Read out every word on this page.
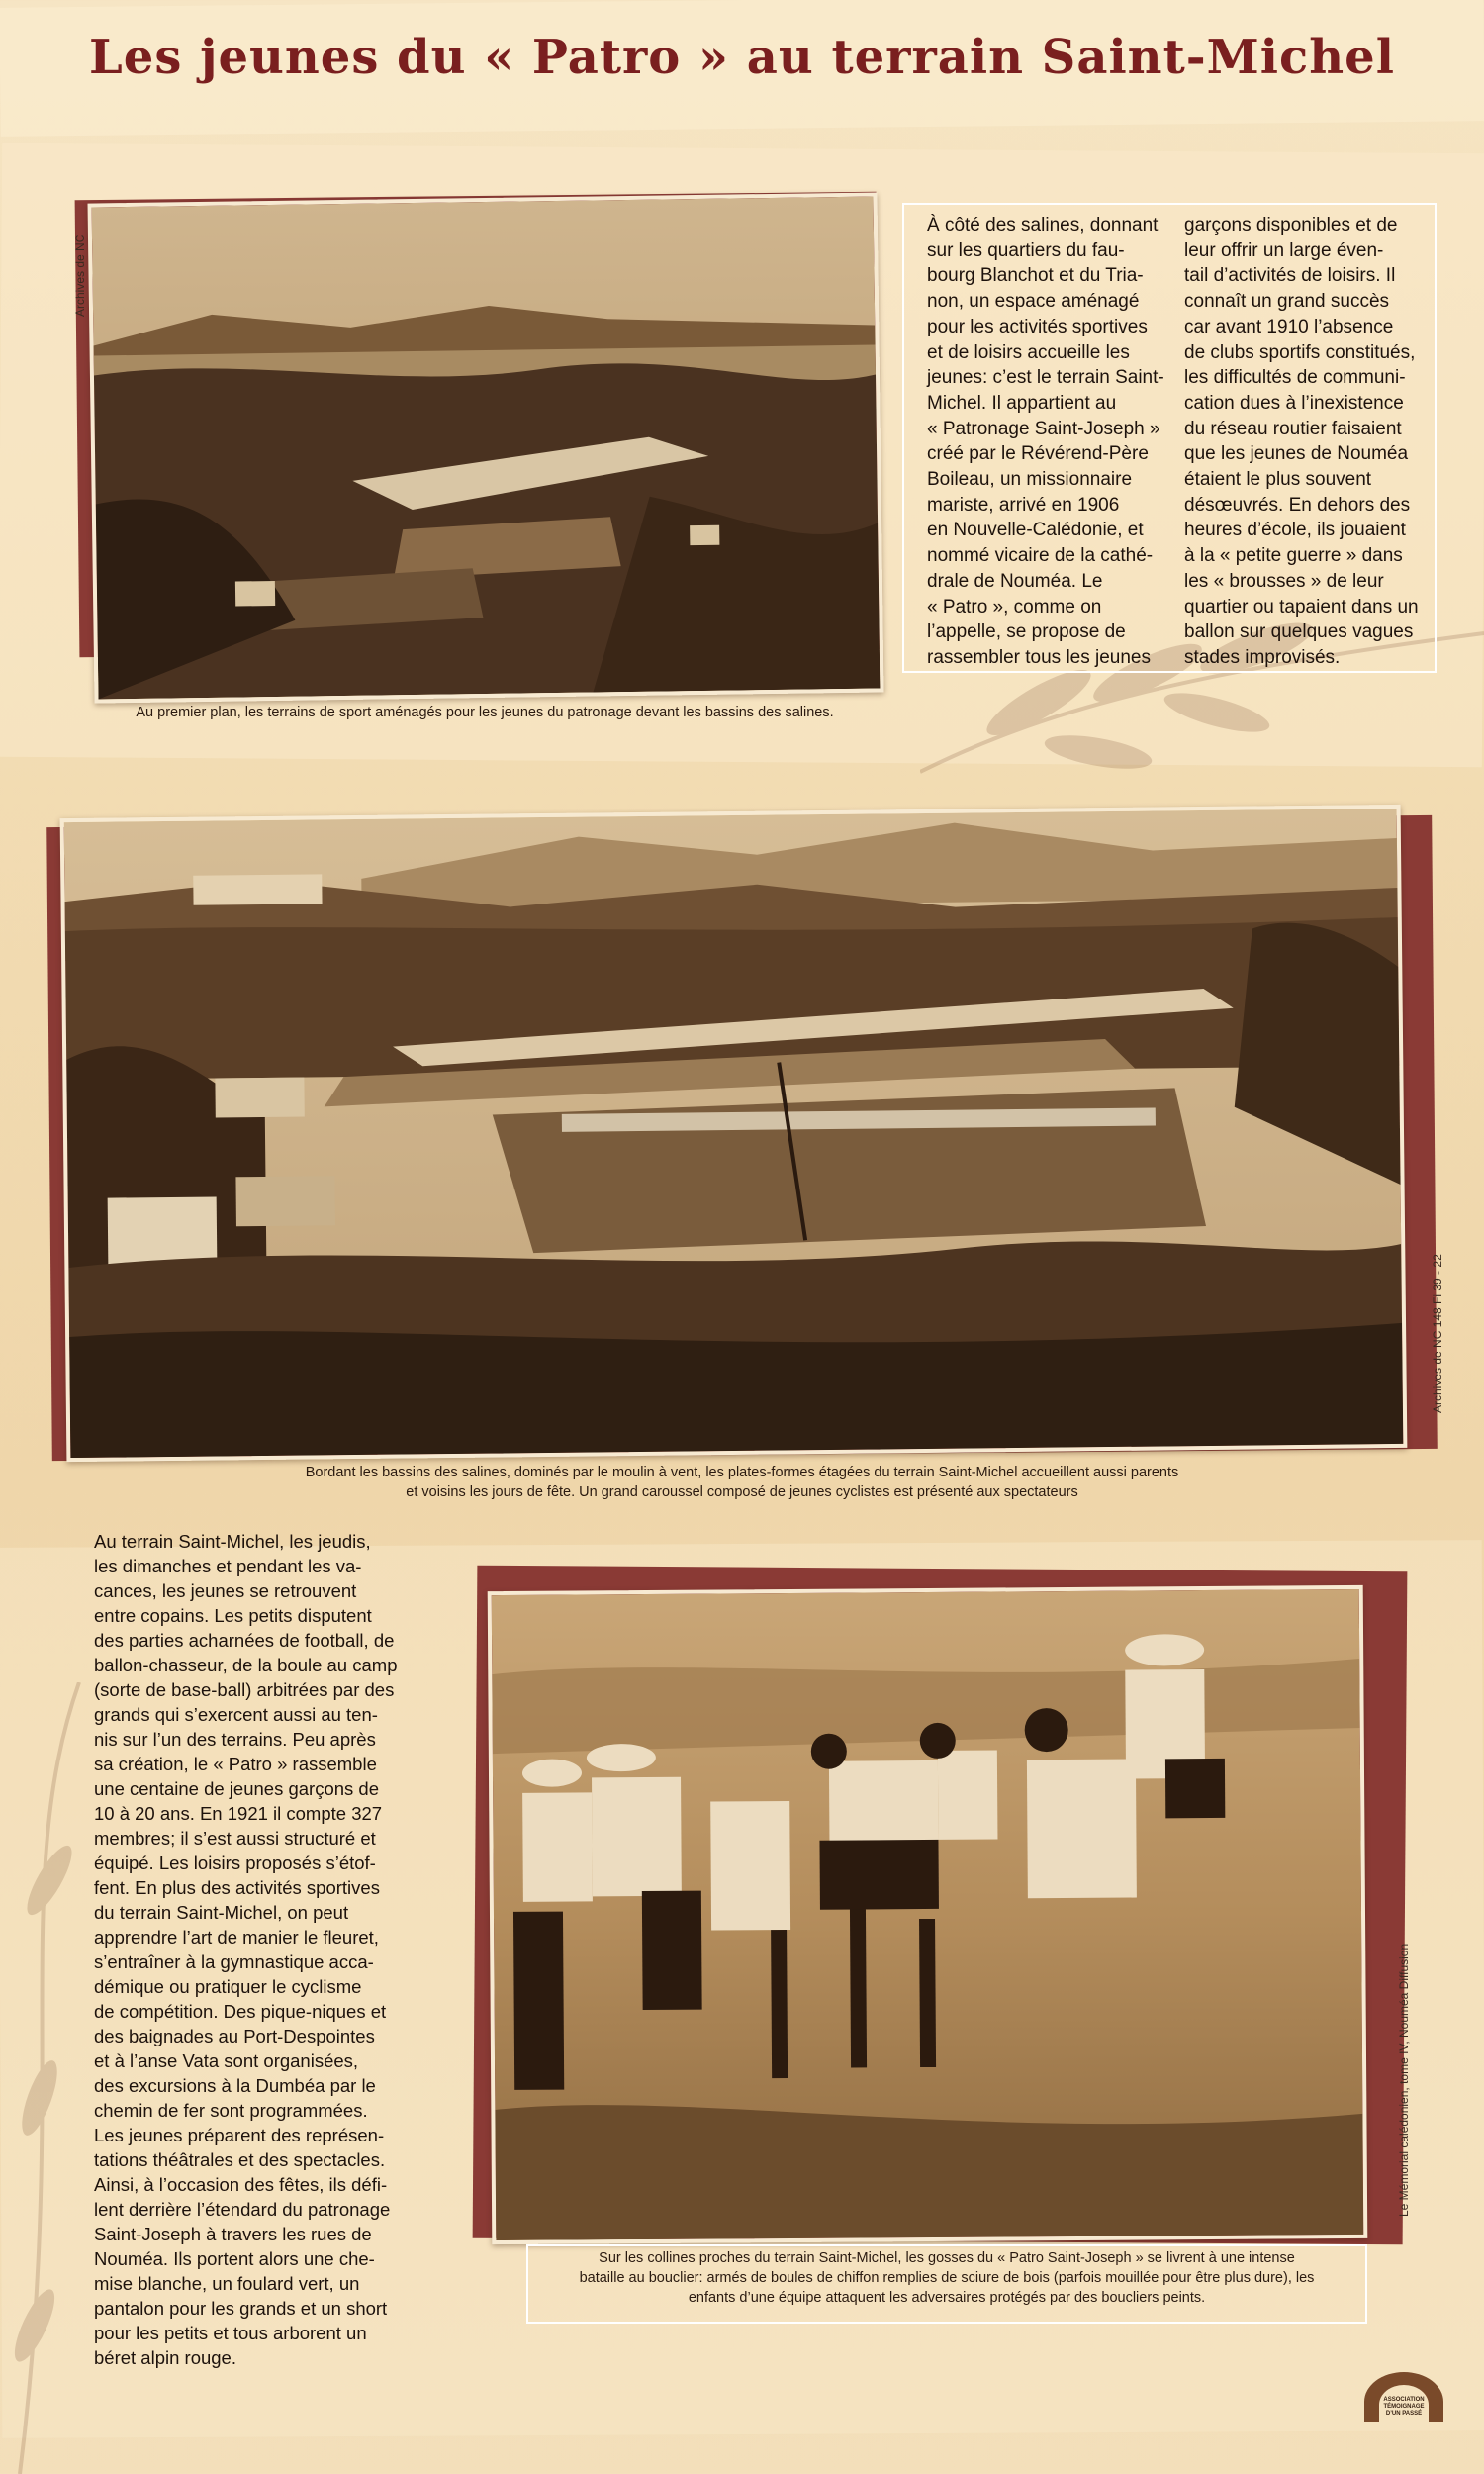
Les jeunes du « Patro » au terrain Saint-Michel
Archives de NC
Au premier plan, les terrains de sport aménagés pour les jeunes du patronage devant les bassins des salines.

À côté des salines, donnant

sur les quartiers du fau-

bourg Blanchot et du Tria-

non, un espace aménagé

pour les activités sportives

et de loisirs accueille les

jeunes: c’est le terrain Saint-

Michel. Il appartient au

« Patronage Saint-Joseph »

créé par le Révérend-Père

Boileau, un missionnaire

mariste, arrivé en 1906

en Nouvelle-Calédonie, et

nommé vicaire de la cathé-

drale de Nouméa. Le

« Patro », comme on

l’appelle, se propose de

rassembler tous les jeunes

garçons disponibles et de

leur offrir un large éven-

tail d’activités de loisirs. Il

connaît un grand succès

car avant 1910 l’absence

de clubs sportifs constitués,

les difficultés de communi-

cation dues à l’inexistence

du réseau routier faisaient

que les jeunes de Nouméa

étaient le plus souvent

désœuvrés. En dehors des

heures d’école, ils jouaient

à la « petite guerre » dans

les « brousses » de leur

quartier ou tapaient dans un

ballon sur quelques vagues

stades improvisés.

Archives de NC 148 Fi 39 - 22

Bordant les bassins des salines, dominés par le moulin à vent, les plates-formes étagées du terrain Saint-Michel accueillent aussi parents

et voisins les jours de fête. Un grand caroussel composé de jeunes cyclistes est présenté aux spectateurs

Au terrain Saint-Michel, les jeudis,

les dimanches et pendant les va-

cances, les jeunes se retrouvent

entre copains. Les petits disputent

des parties acharnées de football, de

ballon-chasseur, de la boule au camp

(sorte de base-ball) arbitrées par des

grands qui s’exercent aussi au ten-

nis sur l’un des terrains. Peu après

sa création, le « Patro » rassemble

une centaine de jeunes garçons de

10 à 20 ans. En 1921 il compte 327

membres; il s’est aussi structuré et

équipé. Les loisirs proposés s’étof-

fent. En plus des activités sportives

du terrain Saint-Michel, on peut

apprendre l’art de manier le fleuret,

s’entraîner à la gymnastique acca-

démique ou pratiquer le cyclisme

de compétition. Des pique-niques et

des baignades au Port-Despointes

et à l’anse Vata sont organisées,

des excursions à la Dumbéa par le

chemin de fer sont programmées.

Les jeunes préparent des représen-

tations théâtrales et des spectacles.

Ainsi, à l’occasion des fêtes, ils défi-

lent derrière l’étendard du patronage

Saint-Joseph à travers les rues de

Nouméa. Ils portent alors une che-

mise blanche, un foulard vert, un

pantalon pour les grands et un short

pour les petits et tous arborent un

béret alpin rouge.

Le Mémorial calédonien, tome IV, Nouméa Diffusion

Sur les collines proches du terrain Saint-Michel, les gosses du « Patro Saint-Joseph » se livrent à une intense

bataille au bouclier: armés de boules de chiffon remplies de sciure de bois (parfois mouillée pour être plus dure), les

enfants d’une équipe attaquent les adversaires protégés par des boucliers peints.

ASSOCIATION
TÉMOIGNAGE
D’UN PASSÉ
